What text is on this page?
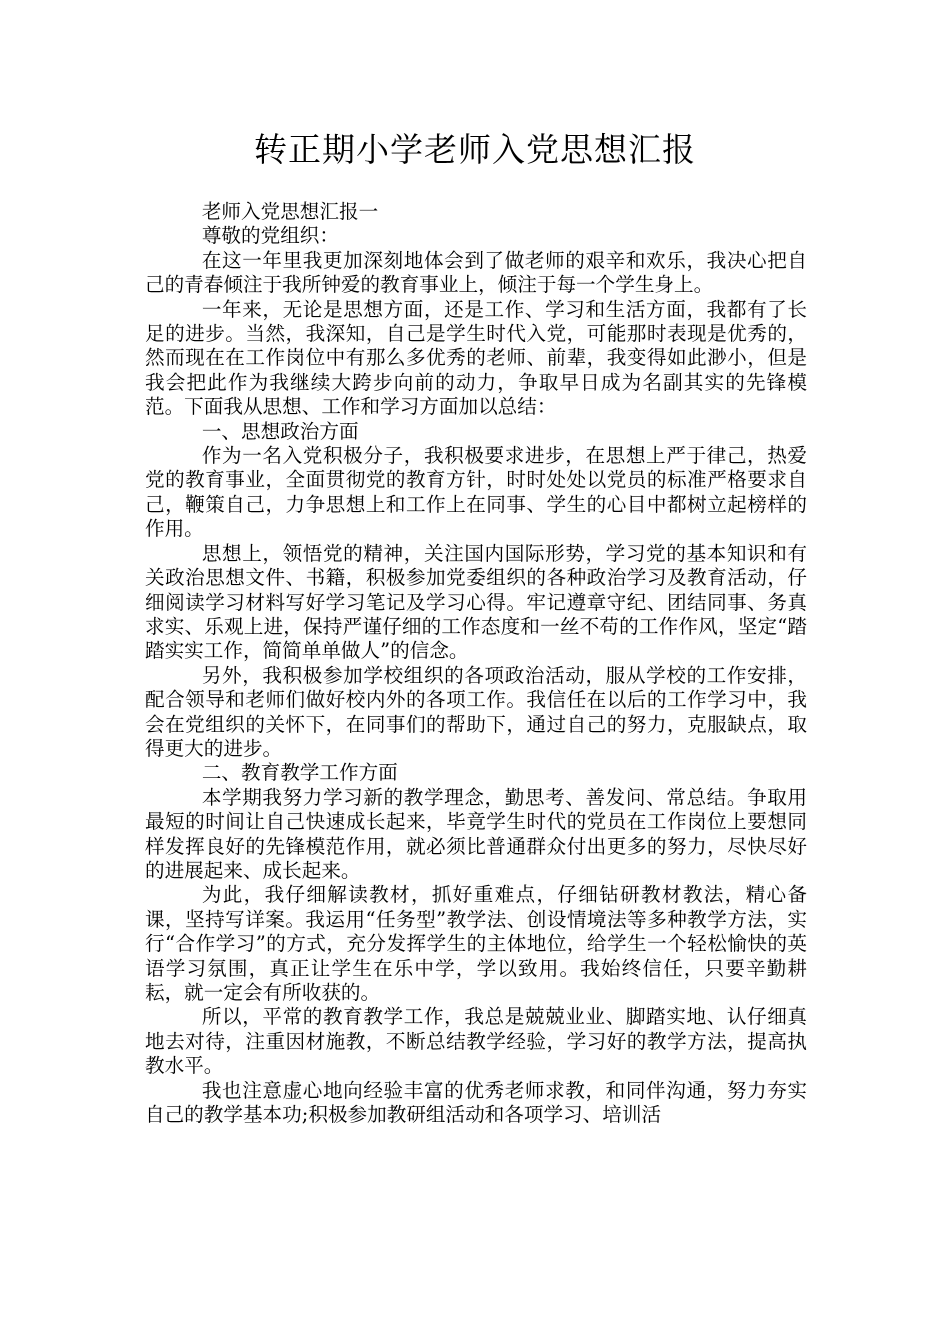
转正期小学老师入党思想汇报

老师入党思想汇报一

尊敬的党组织：

在这一年里我更加深刻地体会到了做老师的艰辛和欢乐，我决心把自己的青春倾注于我所钟爱的教育事业上，倾注于每一个学生身上。

一年来，无论是思想方面，还是工作、学习和生活方面，我都有了长足的进步。当然，我深知，自己是学生时代入党，可能那时表现是优秀的，然而现在在工作岗位中有那么多优秀的老师、前辈，我变得如此渺小，但是我会把此作为我继续大跨步向前的动力，争取早日成为名副其实的先锋模范。下面我从思想、工作和学习方面加以总结：

一、思想政治方面

作为一名入党积极分子，我积极要求进步，在思想上严于律己，热爱党的教育事业，全面贯彻党的教育方针，时时处处以党员的标准严格要求自己，鞭策自己，力争思想上和工作上在同事、学生的心目中都树立起榜样的作用。

思想上，领悟党的精神，关注国内国际形势，学习党的基本知识和有关政治思想文件、书籍，积极参加党委组织的各种政治学习及教育活动，仔细阅读学习材料写好学习笔记及学习心得。牢记遵章守纪、团结同事、务真求实、乐观上进，保持严谨仔细的工作态度和一丝不苟的工作作风，坚定“踏踏实实工作，简简单单做人”的信念。

另外，我积极参加学校组织的各项政治活动，服从学校的工作安排，配合领导和老师们做好校内外的各项工作。我信任在以后的工作学习中，我会在党组织的关怀下，在同事们的帮助下，通过自己的努力，克服缺点，取得更大的进步。

二、教育教学工作方面

本学期我努力学习新的教学理念，勤思考、善发问、常总结。争取用最短的时间让自己快速成长起来，毕竟学生时代的党员在工作岗位上要想同样发挥良好的先锋模范作用，就必须比普通群众付出更多的努力，尽快尽好的进展起来、成长起来。

为此，我仔细解读教材，抓好重难点，仔细钻研教材教法，精心备课，坚持写详案。我运用“任务型”教学法、创设情境法等多种教学方法，实行“合作学习”的方式，充分发挥学生的主体地位，给学生一个轻松愉快的英语学习氛围，真正让学生在乐中学，学以致用。我始终信任，只要辛勤耕耘，就一定会有所收获的。

所以，平常的教育教学工作，我总是兢兢业业、脚踏实地、认仔细真地去对待，注重因材施教，不断总结教学经验，学习好的教学方法，提高执教水平。

我也注意虚心地向经验丰富的优秀老师求教，和同伴沟通，努力夯实自己的教学基本功;积极参加教研组活动和各项学习、培训活
